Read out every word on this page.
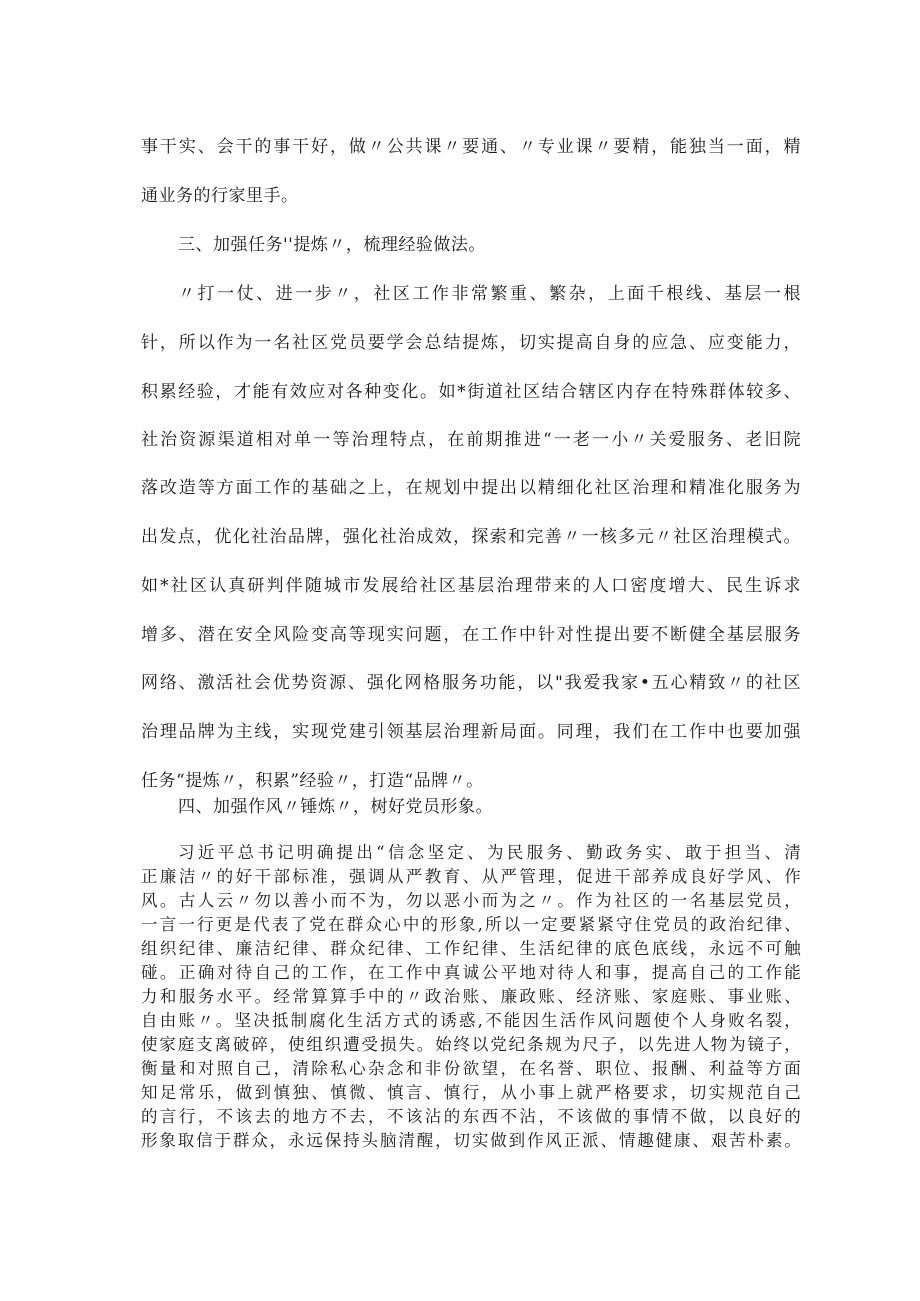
事干实、会干的事干好，做〃公共课〃要通、〃专业课〃要精，能独当一面，精
通业务的行家里手。
三、加强任务''提炼〃，梳理经验做法。
〃打一仗、进一步〃，社区工作非常繁重、繁杂，上面千根线、基层一根
针，所以作为一名社区党员要学会总结提炼，切实提高自身的应急、应变能力，
积累经验，才能有效应对各种变化。如*街道社区结合辖区内存在特殊群体较多、
社治资源渠道相对单一等治理特点，在前期推进“一老一小〃关爱服务、老旧院
落改造等方面工作的基础之上，在规划中提出以精细化社区治理和精准化服务为
出发点，优化社治品牌，强化社治成效，探索和完善〃一核多元〃社区治理模式。
如*社区认真研判伴随城市发展给社区基层治理带来的人口密度增大、民生诉求
增多、潜在安全风险变高等现实问题，在工作中针对性提出要不断健全基层服务
网络、激活社会优势资源、强化网格服务功能，以"我爱我家•五心精致〃的社区
治理品牌为主线，实现党建引领基层治理新局面。同理，我们在工作中也要加强
任务“提炼〃，积累”经验〃，打造“品牌〃。
四、加强作风〃锤炼〃，树好党员形象。
习近平总书记明确提出“信念坚定、为民服务、勤政务实、敢于担当、清
正廉洁〃的好干部标准，强调从严教育、从严管理，促进干部养成良好学风、作
风。古人云〃勿以善小而不为，勿以恶小而为之〃。作为社区的一名基层党员，
一言一行更是代表了党在群众心中的形象,所以一定要紧紧守住党员的政治纪律、
组织纪律、廉洁纪律、群众纪律、工作纪律、生活纪律的底色底线，永远不可触
碰。正确对待自己的工作，在工作中真诚公平地对待人和事，提高自己的工作能
力和服务水平。经常算算手中的〃政治账、廉政账、经济账、家庭账、事业账、
自由账〃。坚决抵制腐化生活方式的诱惑,不能因生活作风问题使个人身败名裂，
使家庭支离破碎，使组织遭受损失。始终以党纪条规为尺子，以先进人物为镜子，
衡量和对照自己，清除私心杂念和非份欲望，在名誉、职位、报酬、利益等方面
知足常乐，做到慎独、慎微、慎言、慎行，从小事上就严格要求，切实规范自己
的言行，不该去的地方不去，不该沾的东西不沾，不该做的事情不做，以良好的
形象取信于群众，永远保持头脑清醒，切实做到作风正派、情趣健康、艰苦朴素。
